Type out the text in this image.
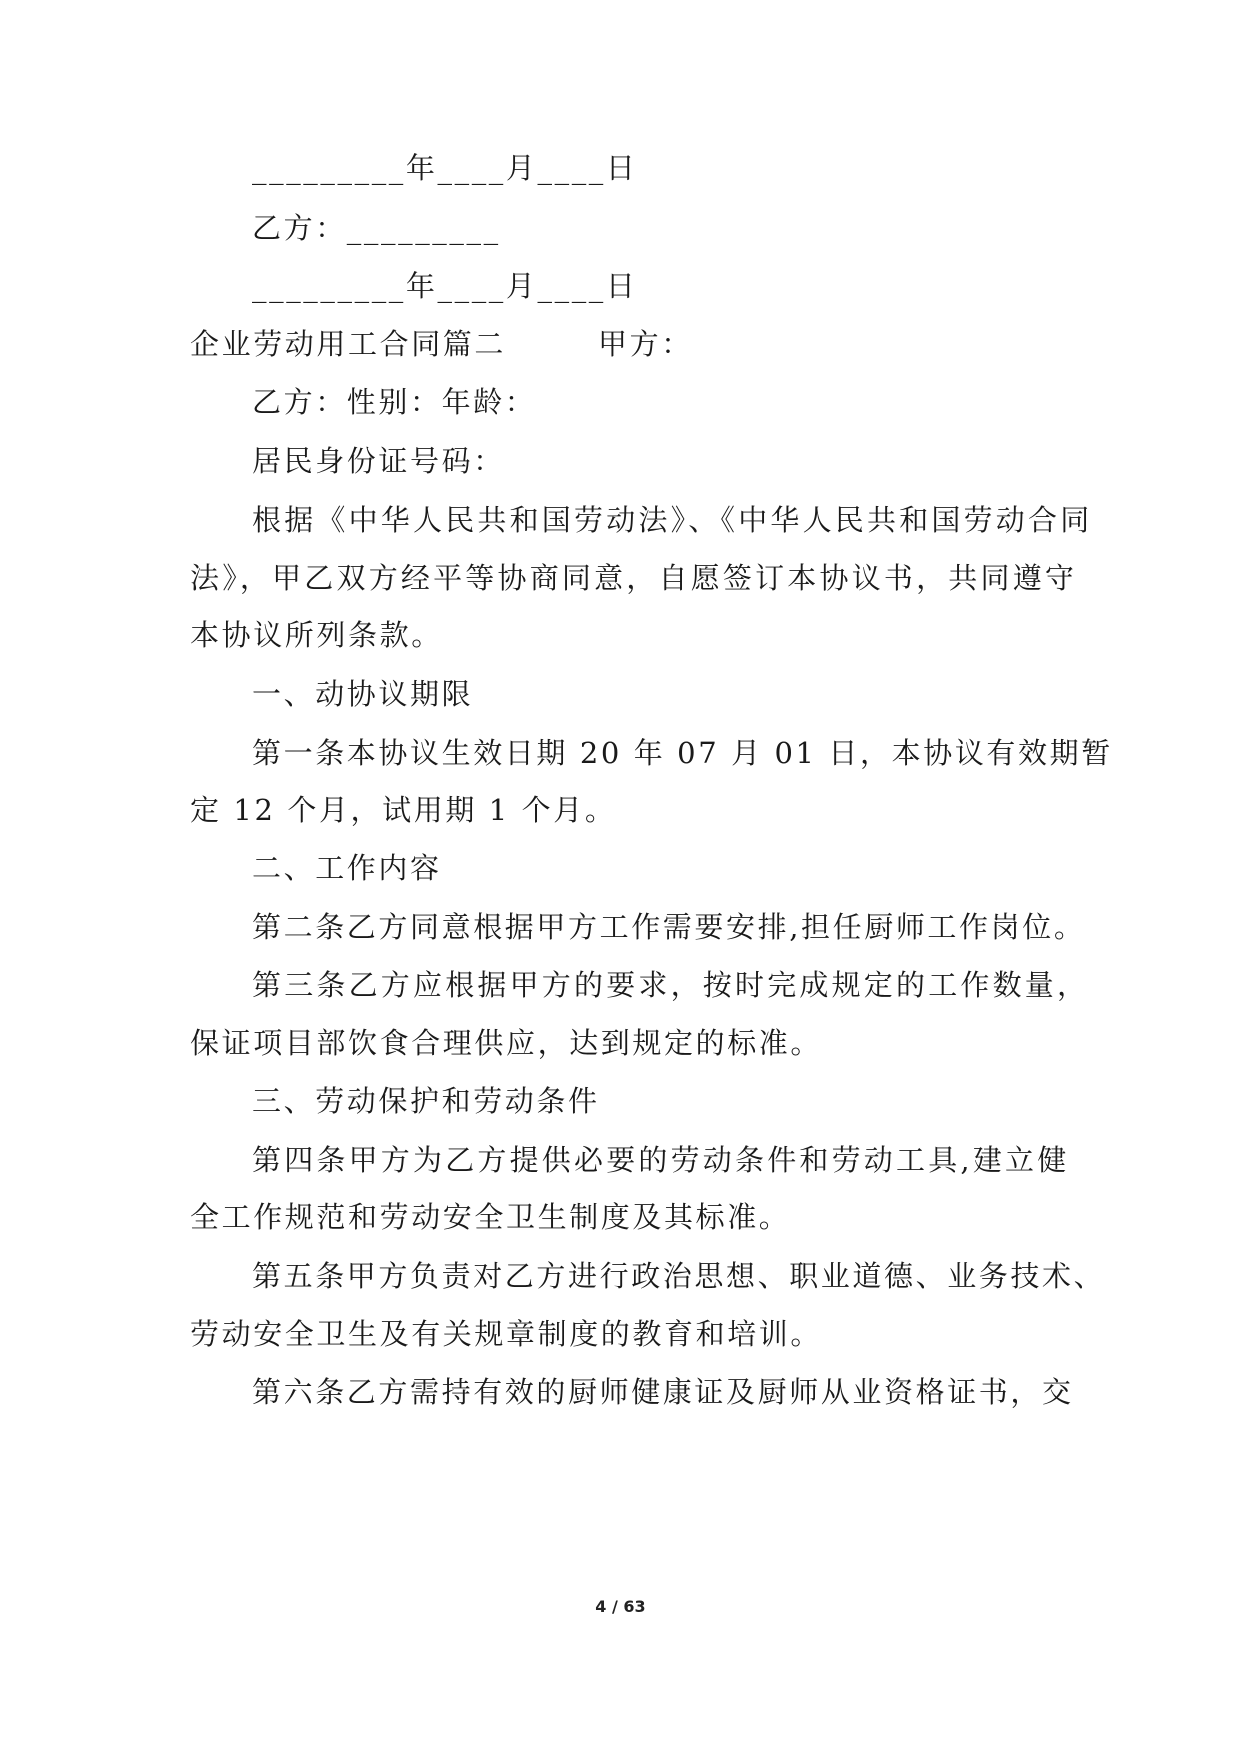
_________年____月____日
乙方：_________
_________年____月____日
企业劳动用工合同篇二	甲方：
乙方：性别：年龄：
居民身份证号码：
根据《中华人民共和国劳动法》、《中华人民共和国劳动合同
法》，甲乙双方经平等协商同意，自愿签订本协议书，共同遵守
本协议所列条款。
一、动协议期限
第一条本协议生效日期 20 年 07 月 01 日，本协议有效期暂
定 12 个月，试用期 1 个月。
二、工作内容
第二条乙方同意根据甲方工作需要安排,担任厨师工作岗位。
第三条乙方应根据甲方的要求，按时完成规定的工作数量，
保证项目部饮食合理供应，达到规定的标准。
三、劳动保护和劳动条件
第四条甲方为乙方提供必要的劳动条件和劳动工具,建立健
全工作规范和劳动安全卫生制度及其标准。
第五条甲方负责对乙方进行政治思想、职业道德、业务技术、
劳动安全卫生及有关规章制度的教育和培训。
第六条乙方需持有效的厨师健康证及厨师从业资格证书，交
4 / 63
